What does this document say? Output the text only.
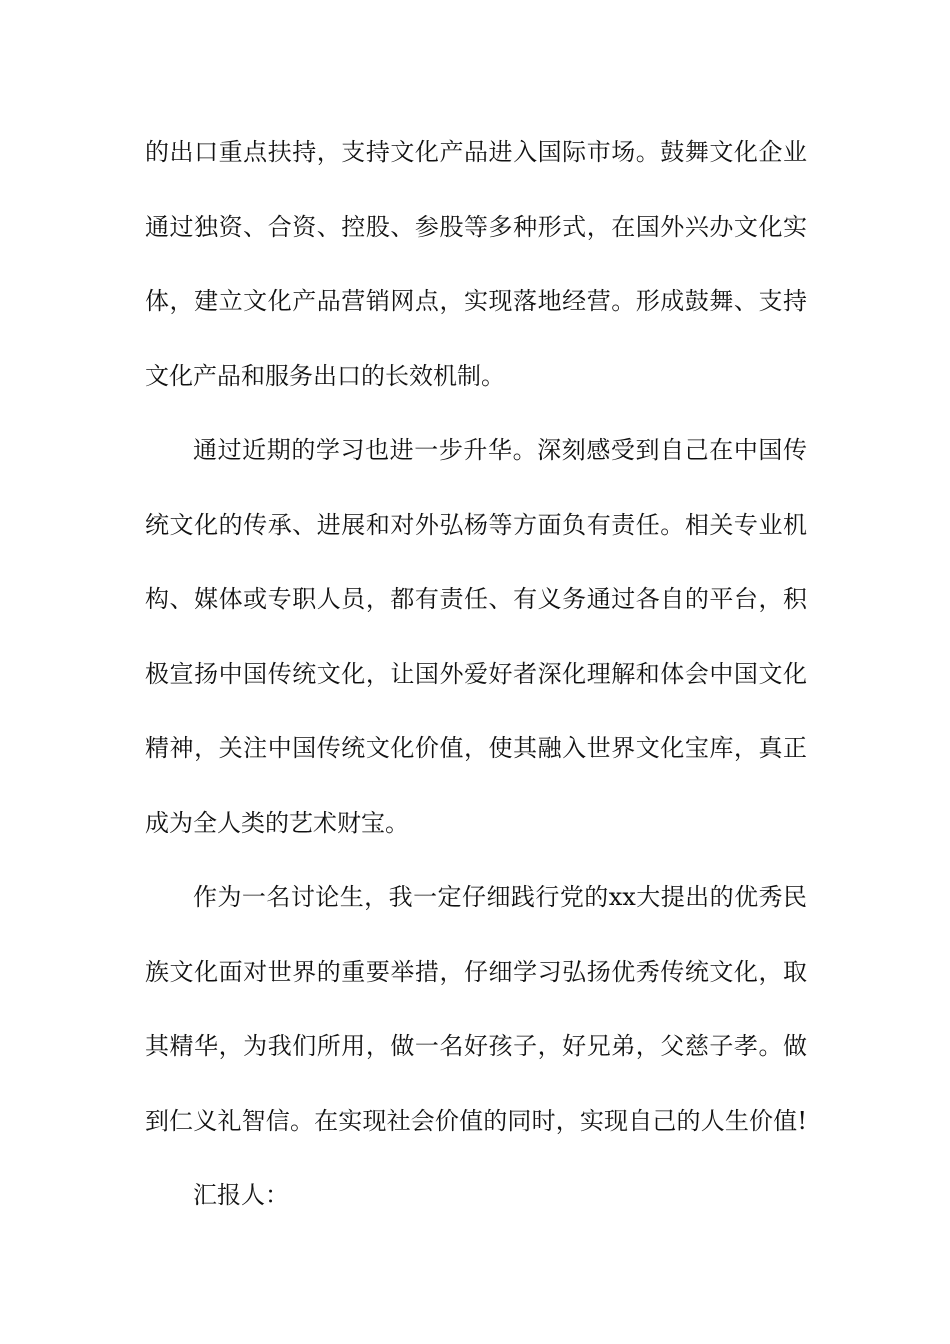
的出口重点扶持，支持文化产品进入国际市场。鼓舞文化企业
通过独资、合资、控股、参股等多种形式，在国外兴办文化实
体，建立文化产品营销网点，实现落地经营。形成鼓舞、支持
文化产品和服务出口的长效机制。
通过近期的学习也进一步升华。深刻感受到自己在中国传
统文化的传承、进展和对外弘杨等方面负有责任。相关专业机
构、媒体或专职人员，都有责任、有义务通过各自的平台，积
极宣扬中国传统文化，让国外爱好者深化理解和体会中国文化
精神，关注中国传统文化价值，使其融入世界文化宝库，真正
成为全人类的艺术财宝。
作为一名讨论生，我一定仔细践行党的xx大提出的优秀民
族文化面对世界的重要举措，仔细学习弘扬优秀传统文化，取
其精华，为我们所用，做一名好孩子，好兄弟，父慈子孝。做
到仁义礼智信。在实现社会价值的同时，实现自己的人生价值!
汇报人：
